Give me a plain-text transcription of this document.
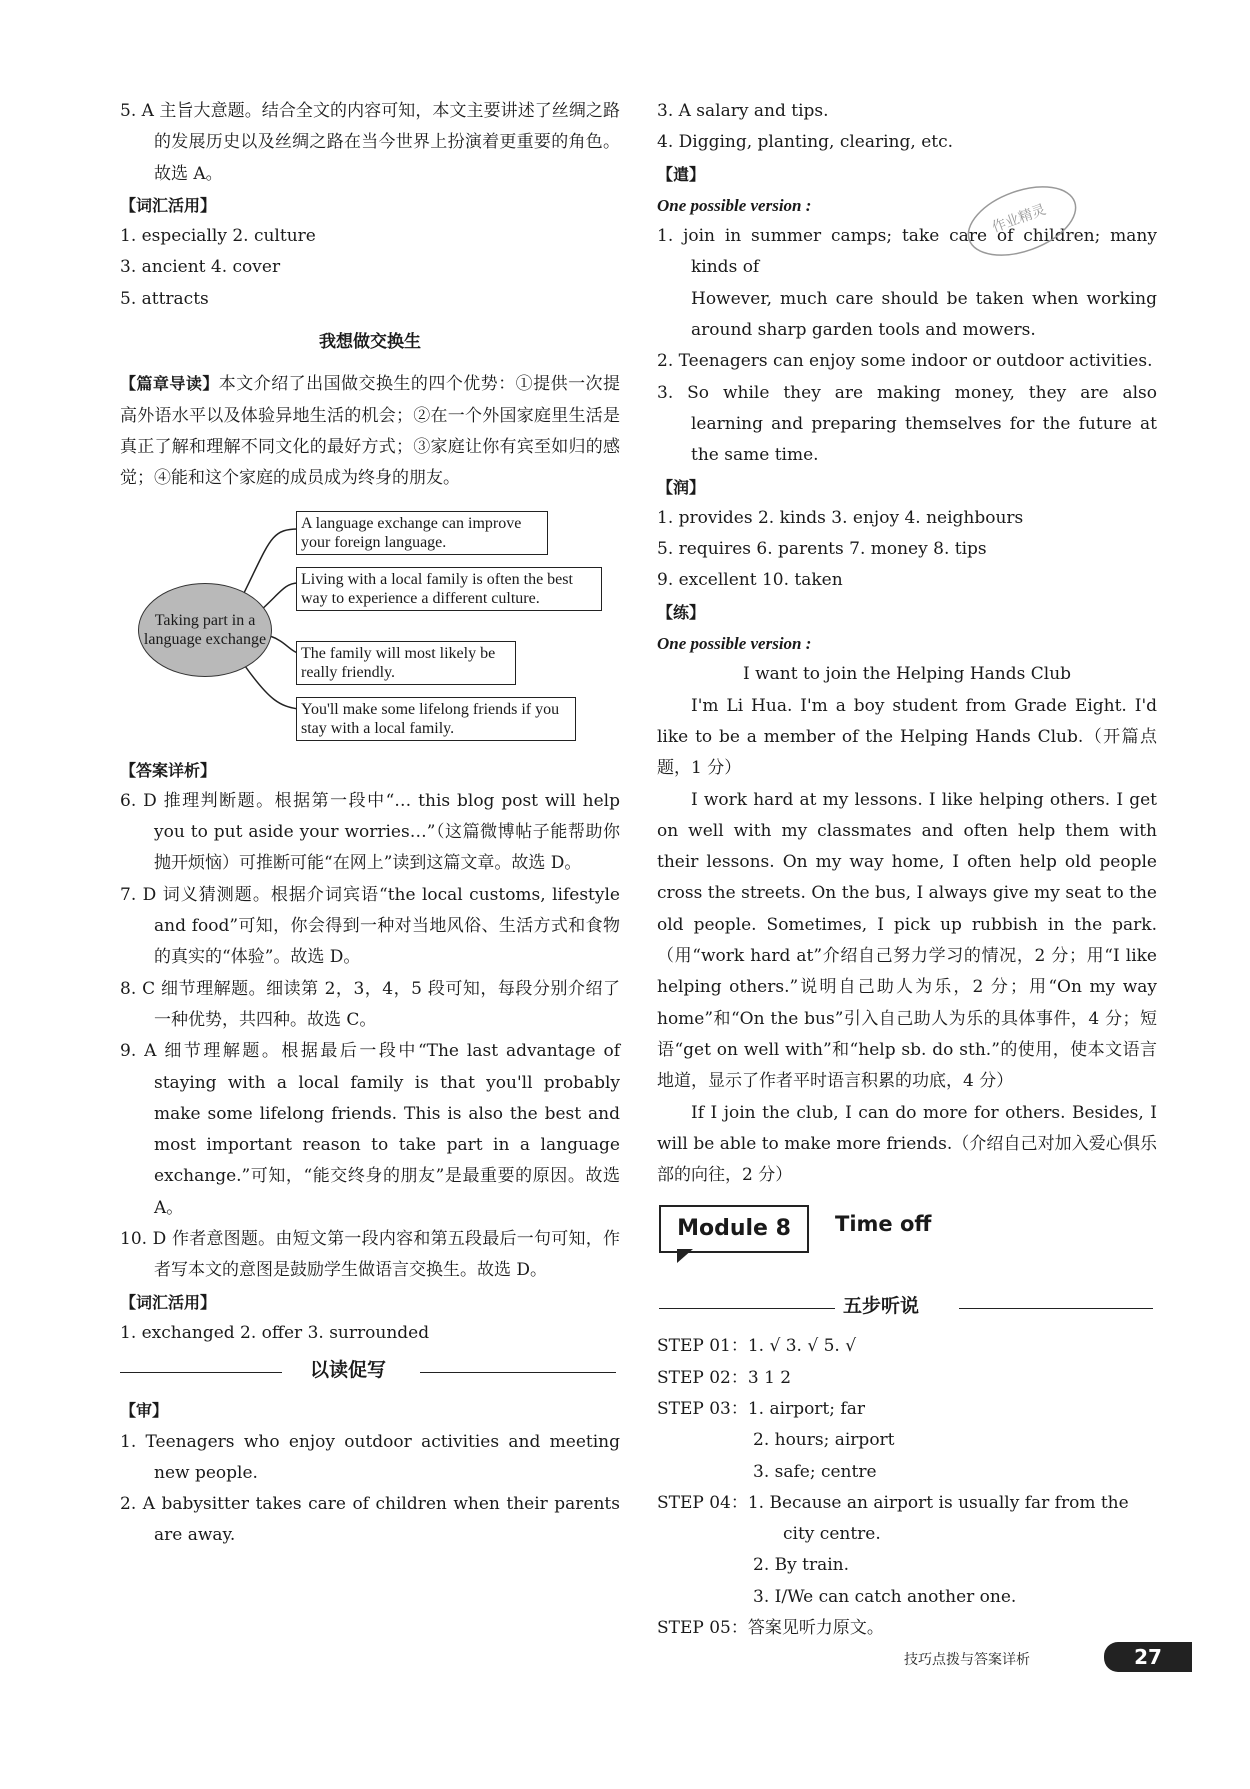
5. A 主旨大意题。结合全文的内容可知，本文主要讲述了丝绸之路的发展历史以及丝绸之路在当今世界上扮演着更重要的角色。故选 A。

【词汇活用】

1. especially 2. culture

3. ancient 4. cover

5. attracts

我想做交换生

【篇章导读】本文介绍了出国做交换生的四个优势：①提供一次提高外语水平以及体验异地生活的机会；②在一个外国家庭里生活是真正了解和理解不同文化的最好方式；③家庭让你有宾至如归的感觉；④能和这个家庭的成员成为终身的朋友。

Taking part in a language exchange
A language exchange can improve your foreign language.
Living with a local family is often the best way to experience a different culture.
The family will most likely be really friendly.
You'll make some lifelong friends if you stay with a local family.

【答案详析】

6. D 推理判断题。根据第一段中“… this blog post will help you to put aside your worries…”（这篇微博帖子能帮助你抛开烦恼）可推断可能“在网上”读到这篇文章。故选 D。

7. D 词义猜测题。根据介词宾语“the local customs, lifestyle and food”可知，你会得到一种对当地风俗、生活方式和食物的真实的“体验”。故选 D。

8. C 细节理解题。细读第 2，3，4，5 段可知，每段分别介绍了一种优势，共四种。故选 C。

9. A 细节理解题。根据最后一段中“The last advantage of staying with a local family is that you'll probably make some lifelong friends. This is also the best and most important reason to take part in a language exchange.”可知，“能交终身的朋友”是最重要的原因。故选 A。

10. D 作者意图题。由短文第一段内容和第五段最后一句可知，作者写本文的意图是鼓励学生做语言交换生。故选 D。

【词汇活用】

1. exchanged 2. offer 3. surrounded

以读促写

【审】

1. Teenagers who enjoy outdoor activities and meeting new people.

2. A babysitter takes care of children when their parents are away.

3. A salary and tips.

4. Digging, planting, clearing, etc.

【遣】

One possible version :

1. join in summer camps; take care of children; many kinds of

However, much care should be taken when working around sharp garden tools and mowers.

2. Teenagers can enjoy some indoor or outdoor activities.

3. So while they are making money, they are also learning and preparing themselves for the future at the same time.

【润】

1. provides 2. kinds 3. enjoy 4. neighbours

5. requires 6. parents 7. money 8. tips

9. excellent 10. taken

【练】

One possible version :

I want to join the Helping Hands Club

I'm Li Hua. I'm a boy student from Grade Eight. I'd like to be a member of the Helping Hands Club.（开篇点题，1 分）

I work hard at my lessons. I like helping others. I get on well with my classmates and often help them with their lessons. On my way home, I often help old people cross the streets. On the bus, I always give my seat to the old people. Sometimes, I pick up rubbish in the park.（用“work hard at”介绍自己努力学习的情况，2 分；用“I like helping others.”说明自己助人为乐，2 分；用“On my way home”和“On the bus”引入自己助人为乐的具体事件，4 分；短语“get on well with”和“help sb. do sth.”的使用，使本文语言地道，显示了作者平时语言积累的功底，4 分）

If I join the club, I can do more for others. Besides, I will be able to make more friends.（介绍自己对加入爱心俱乐部的向往，2 分）

Module 8	Time off
五步听说

STEP 01：1. √ 3. √ 5. √

STEP 02：3 1 2

STEP 03：1. airport; far

2. hours; airport

3. safe; centre

STEP 04：1. Because an airport is usually far from the city centre.

2. By train.

3. I/We can catch another one.

STEP 05：答案见听力原文。

作业精灵
技巧点拨与答案详析	27
